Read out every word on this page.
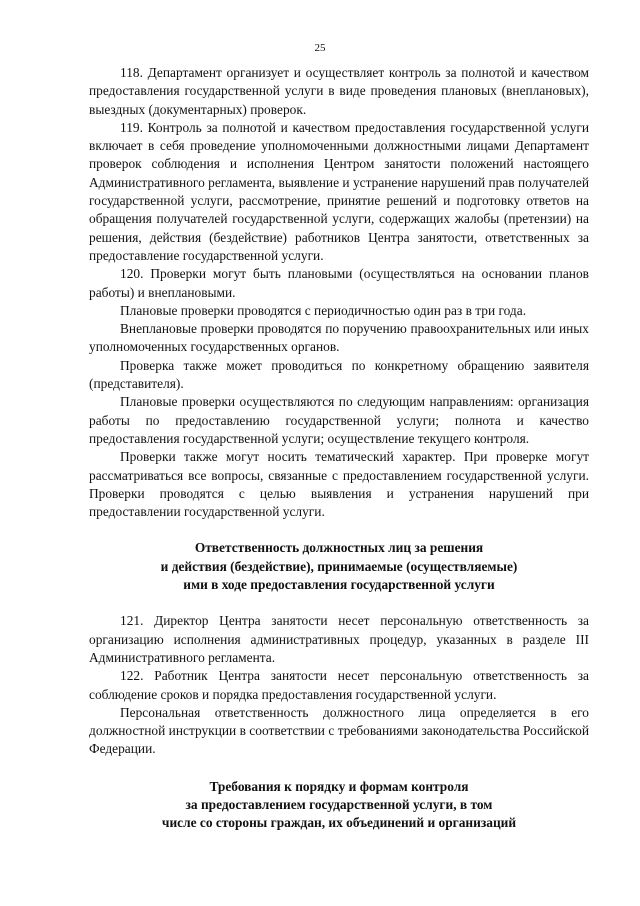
25

118. Департамент организует и осуществляет контроль за полнотой и качеством предоставления государственной услуги в виде проведения плановых (внеплановых), выездных (документарных) проверок.

119. Контроль за полнотой и качеством предоставления государственной услуги включает в себя проведение уполномоченными должностными лицами Департамент проверок соблюдения и исполнения Центром занятости положений настоящего Административного регламента, выявление и устранение нарушений прав получателей государственной услуги, рассмотрение, принятие решений и подготовку ответов на обращения получателей государственной услуги, содержащих жалобы (претензии) на решения, действия (бездействие) работников Центра занятости, ответственных за предоставление государственной услуги.

120. Проверки могут быть плановыми (осуществляться на основании планов работы) и внеплановыми.

Плановые проверки проводятся с периодичностью один раз в три года.

Внеплановые проверки проводятся по поручению правоохранительных или иных уполномоченных государственных органов.

Проверка также может проводиться по конкретному обращению заявителя (представителя).

Плановые проверки осуществляются по следующим направлениям: организация работы по предоставлению государственной услуги; полнота и качество предоставления государственной услуги; осуществление текущего контроля.

Проверки также могут носить тематический характер. При проверке могут рассматриваться все вопросы, связанные с предоставлением государственной услуги. Проверки проводятся с целью выявления и устранения нарушений при предоставлении государственной услуги.

Ответственность должностных лиц за решения
и действия (бездействие), принимаемые (осуществляемые)
ими в ходе предоставления государственной услуги

121. Директор Центра занятости несет персональную ответственность за организацию исполнения административных процедур, указанных в разделе III Административного регламента.

122. Работник Центра занятости несет персональную ответственность за соблюдение сроков и порядка предоставления государственной услуги.

Персональная ответственность должностного лица определяется в его должностной инструкции в соответствии с требованиями законодательства Российской Федерации.

Требования к порядку и формам контроля
за предоставлением государственной услуги, в том
числе со стороны граждан, их объединений и организаций
